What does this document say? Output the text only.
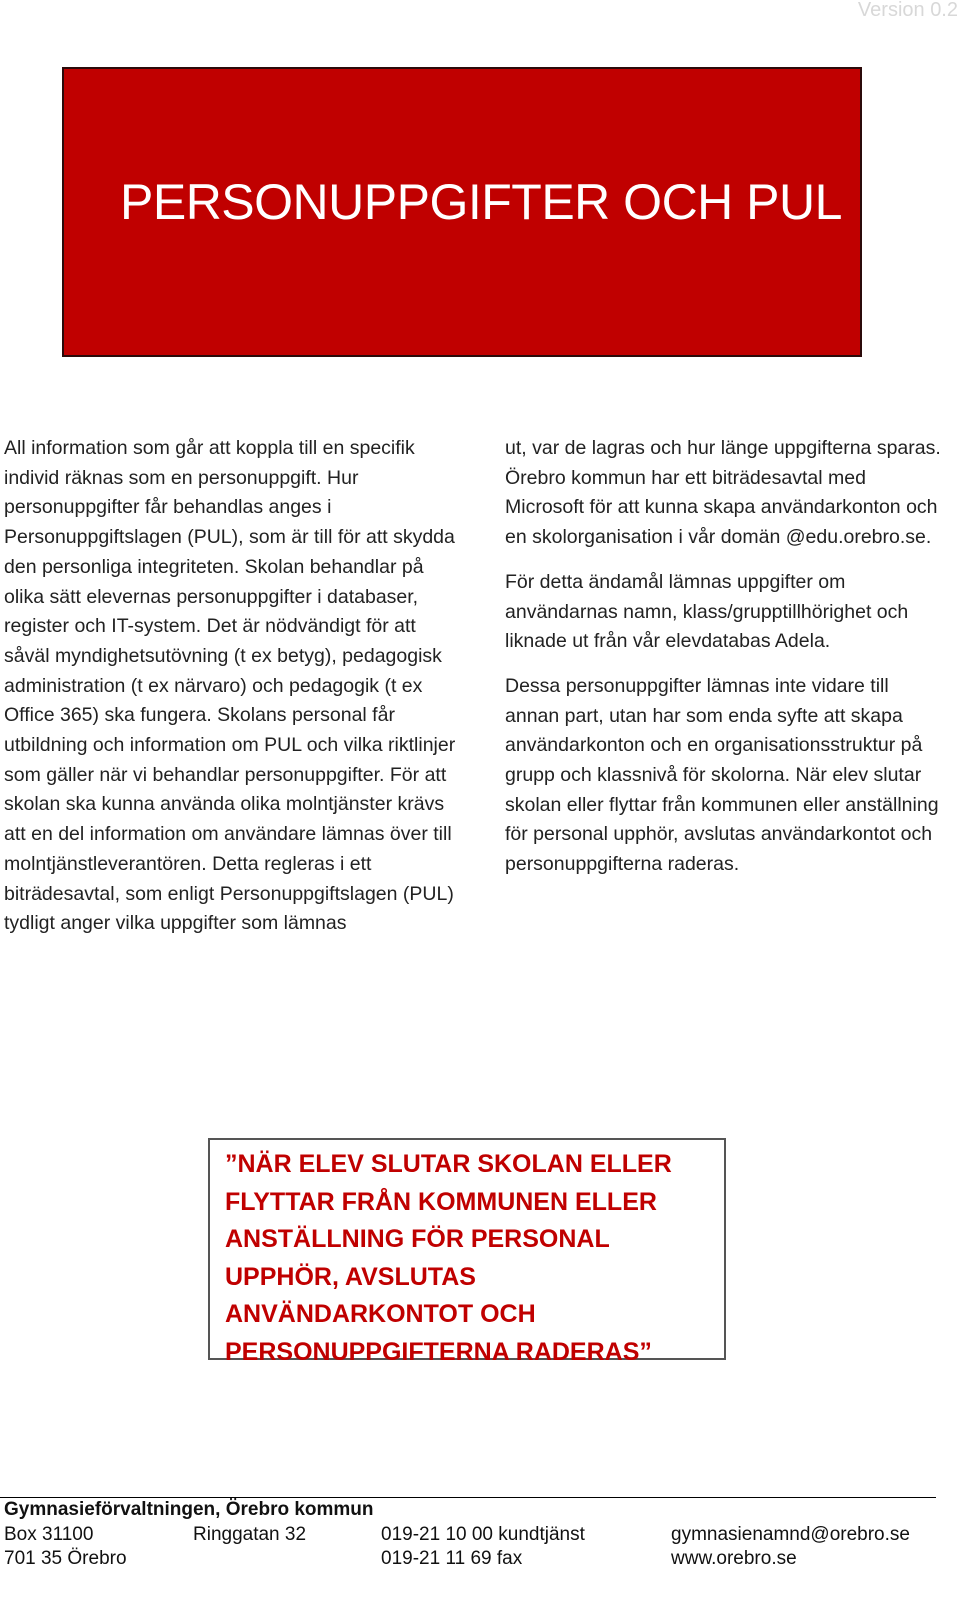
Version 0.2
PERSONUPPGIFTER OCH PUL

All information som går att koppla till en specifik individ räknas som en personuppgift. Hur personuppgifter får behandlas anges i Personuppgiftslagen (PUL), som är till för att skydda den personliga integriteten. Skolan behandlar på olika sätt elevernas personuppgifter i databaser, register och IT-system. Det är nödvändigt för att såväl myndighetsutövning (t ex betyg), pedagogisk administration (t ex närvaro) och pedagogik (t ex Office 365) ska fungera. Skolans personal får utbildning och information om PUL och vilka riktlinjer som gäller när vi behandlar personuppgifter. För att skolan ska kunna använda olika molntjänster krävs att en del information om användare lämnas över till molntjänstleverantören. Detta regleras i ett biträdesavtal, som enligt Personuppgiftslagen (PUL) tydligt anger vilka uppgifter som lämnas

ut, var de lagras och hur länge uppgifterna sparas. Örebro kommun har ett biträdesavtal med Microsoft för att kunna skapa användarkonton och en skolorganisation i vår domän @edu.orebro.se.

För detta ändamål lämnas uppgifter om användarnas namn, klass/grupptillhörighet och liknade ut från vår elevdatabas Adela.

Dessa personuppgifter lämnas inte vidare till annan part, utan har som enda syfte att skapa användarkonton och en organisationsstruktur på grupp och klassnivå för skolorna. När elev slutar skolan eller flyttar från kommunen eller anställning för personal upphör, avslutas användarkontot och personuppgifterna raderas.

”NÄR ELEV SLUTAR SKOLAN ELLER FLYTTAR FRÅN KOMMUNEN ELLER ANSTÄLLNING FÖR PERSONAL UPPHÖR, AVSLUTAS ANVÄNDARKONTOT OCH PERSONUPPGIFTERNA RADERAS”

Gymnasieförvaltningen, Örebro kommun
Box 31100
701 35 Örebro
Ringgatan 32	019-21 10 00 kundtjänst
019-21 11 69 fax
gymnasienamnd@orebro.se
www.orebro.se
